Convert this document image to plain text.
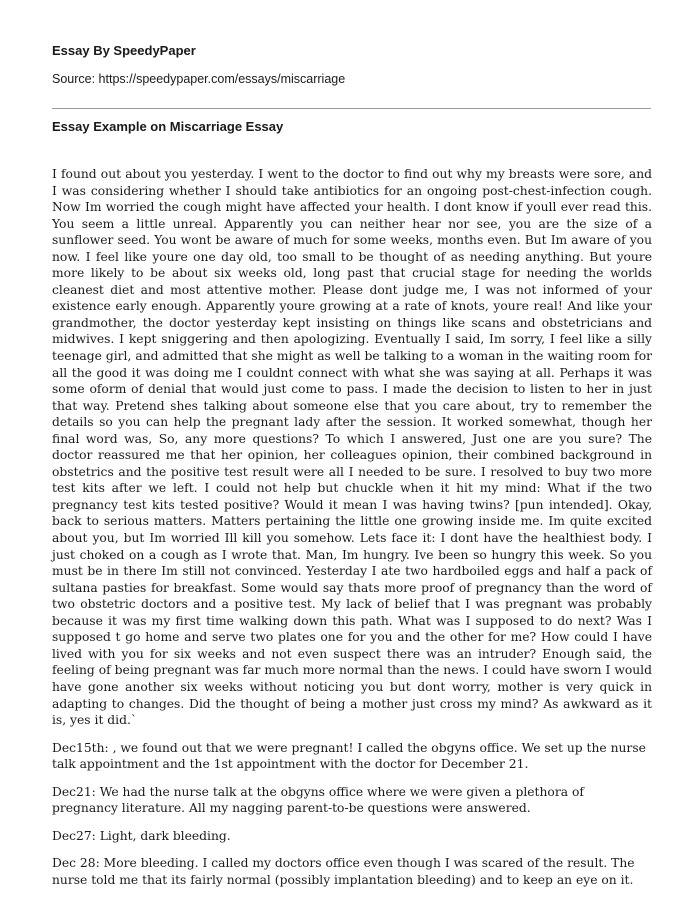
Essay By SpeedyPaper

Source: https://speedypaper.com/essays/miscarriage

Essay Example on Miscarriage Essay

I found out about you yesterday. I went to the doctor to find out why my breasts were sore, and I was considering whether I should take antibiotics for an ongoing post-chest-infection cough. Now Im worried the cough might have affected your health. I dont know if youll ever read this. You seem a little unreal. Apparently you can neither hear nor see, you are the size of a sunflower seed. You wont be aware of much for some weeks, months even. But Im aware of you now. I feel like youre one day old, too small to be thought of as needing anything. But youre more likely to be about six weeks old, long past that crucial stage for needing the worlds cleanest diet and most attentive mother. Please dont judge me, I was not informed of your existence early enough. Apparently youre growing at a rate of knots, youre real! And like your grandmother, the doctor yesterday kept insisting on things like scans and obstetricians and midwives. I kept sniggering and then apologizing. Eventually I said, Im sorry, I feel like a silly teenage girl, and admitted that she might as well be talking to a woman in the waiting room for all the good it was doing me I couldnt connect with what she was saying at all. Perhaps it was some oform of denial that would just come to pass. I made the decision to listen to her in just that way. Pretend shes talking about someone else that you care about, try to remember the details so you can help the pregnant lady after the session. It worked somewhat, though her final word was, So, any more questions? To which I answered, Just one are you sure? The doctor reassured me that her opinion, her colleagues opinion, their combined background in obstetrics and the positive test result were all I needed to be sure. I resolved to buy two more test kits after we left. I could not help but chuckle when it hit my mind: What if the two pregnancy test kits tested positive? Would it mean I was having twins? [pun intended]. Okay, back to serious matters. Matters pertaining the little one growing inside me. Im quite excited about you, but Im worried Ill kill you somehow. Lets face it: I dont have the healthiest body. I just choked on a cough as I wrote that. Man, Im hungry. Ive been so hungry this week. So you must be in there Im still not convinced. Yesterday I ate two hardboiled eggs and half a pack of sultana pasties for breakfast. Some would say thats more proof of pregnancy than the word of two obstetric doctors and a positive test. My lack of belief that I was pregnant was probably because it was my first time walking down this path. What was I supposed to do next? Was I supposed t go home and serve two plates one for you and the other for me? How could I have lived with you for six weeks and not even suspect there was an intruder? Enough said, the feeling of being pregnant was far much more normal than the news. I could have sworn I would have gone another six weeks without noticing you but dont worry, mother is very quick in adapting to changes. Did the thought of being a mother just cross my mind? As awkward as it is, yes it did.`

Dec15th: , we found out that we were pregnant! I called the obgyns office. We set up the nurse talk appointment and the 1st appointment with the doctor for December 21.

Dec21: We had the nurse talk at the obgyns office where we were given a plethora of pregnancy literature. All my nagging parent-to-be questions were answered.

Dec27: Light, dark bleeding.

Dec 28: More bleeding. I called my doctors office even though I was scared of the result. The nurse told me that its fairly normal (possibly implantation bleeding) and to keep an eye on it.
